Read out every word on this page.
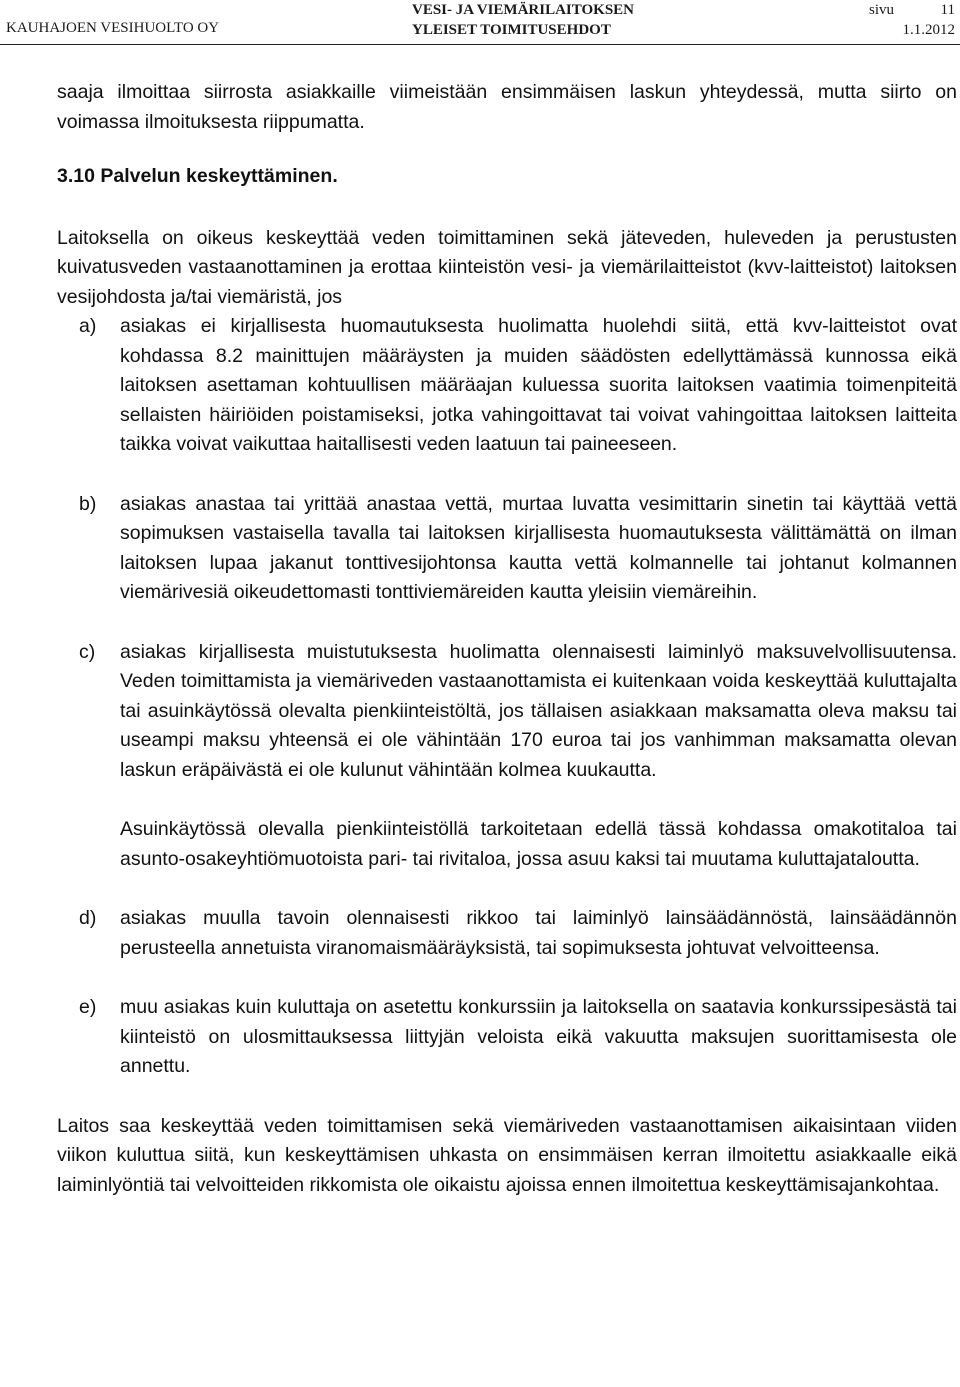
KAUHAJOEN VESIHUOLTO OY
VESI- JA VIEMÄRILAITOKSEN
YLEISET TOIMITUSEHDOT
sivu	11
1.1.2012

saaja ilmoittaa siirrosta asiakkaille viimeistään ensimmäisen laskun yhteydessä, mutta siirto on voimassa ilmoituksesta riippumatta.

3.10 Palvelun keskeyttäminen.

Laitoksella on oikeus keskeyttää veden toimittaminen sekä jäteveden, huleveden ja perustusten kuivatusveden vastaanottaminen ja erottaa kiinteistön vesi- ja viemärilaitteistot (kvv-laitteistot) laitoksen vesijohdosta ja/tai viemäristä, jos

a) asiakas ei kirjallisesta huomautuksesta huolimatta huolehdi siitä, että kvv-laitteistot ovat kohdassa 8.2 mainittujen määräysten ja muiden säädösten edellyttämässä kunnossa eikä laitoksen asettaman kohtuullisen määräajan kuluessa suorita laitoksen vaatimia toimenpiteitä sellaisten häiriöiden poistamiseksi, jotka vahingoittavat tai voivat vahingoittaa laitoksen laitteita taikka voivat vaikuttaa haitallisesti veden laatuun tai paineeseen.

b) asiakas anastaa tai yrittää anastaa vettä, murtaa luvatta vesimittarin sinetin tai käyttää vettä sopimuksen vastaisella tavalla tai laitoksen kirjallisesta huomautuksesta välittämättä on ilman laitoksen lupaa jakanut tonttivesijohtonsa kautta vettä kolmannelle tai johtanut kolmannen viemärivesiä oikeudettomasti tonttiviemäreiden kautta yleisiin viemäreihin.

c) asiakas kirjallisesta muistutuksesta huolimatta olennaisesti laiminlyö maksuvelvollisuutensa. Veden toimittamista ja viemäriveden vastaanottamista ei kuitenkaan voida keskeyttää kuluttajalta tai asuinkäytössä olevalta pienkiinteistöltä, jos tällaisen asiakkaan maksamatta oleva maksu tai useampi maksu yhteensä ei ole vähintään 170 euroa tai jos vanhimman maksamatta olevan laskun eräpäivästä ei ole kulunut vähintään kolmea kuukautta.

Asuinkäytössä olevalla pienkiinteistöllä tarkoitetaan edellä tässä kohdassa omakotitaloa tai asunto-osakeyhtiömuotoista pari- tai rivitaloa, jossa asuu kaksi tai muutama kuluttajataloutta.

d) asiakas muulla tavoin olennaisesti rikkoo tai laiminlyö lainsäädännöstä, lainsäädännön perusteella annetuista viranomaismääräyksistä, tai sopimuksesta johtuvat velvoitteensa.

e) muu asiakas kuin kuluttaja on asetettu konkurssiin ja laitoksella on saatavia konkurssipesästä tai kiinteistö on ulosmittauksessa liittyjän veloista eikä vakuutta maksujen suorittamisesta ole annettu.

Laitos saa keskeyttää veden toimittamisen sekä viemäriveden vastaanottamisen aikaisintaan viiden viikon kuluttua siitä, kun keskeyttämisen uhkasta on ensimmäisen kerran ilmoitettu asiakkaalle eikä laiminlyöntiä tai velvoitteiden rikkomista ole oikaistu ajoissa ennen ilmoitettua keskeyttämisajankohtaa.
